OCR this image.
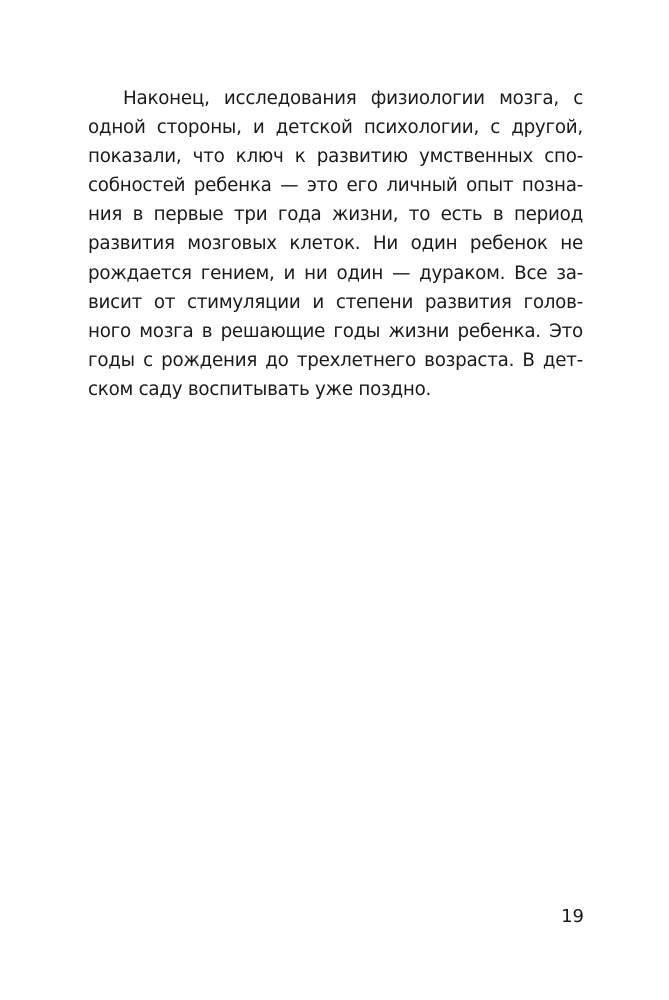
Наконец, исследования физиологии мозга, с
одной стороны, и детской психологии, с другой,
показали, что ключ к развитию умственных спо-
собностей ребенка — это его личный опыт позна-
ния в первые три года жизни, то есть в период
развития мозговых клеток. Ни один ребенок не
рождается гением, и ни один — дураком. Все за-
висит от стимуляции и степени развития голов-
ного мозга в решающие годы жизни ребенка. Это
годы с рождения до трехлетнего возраста. В дет-
ском саду воспитывать уже поздно.
19
